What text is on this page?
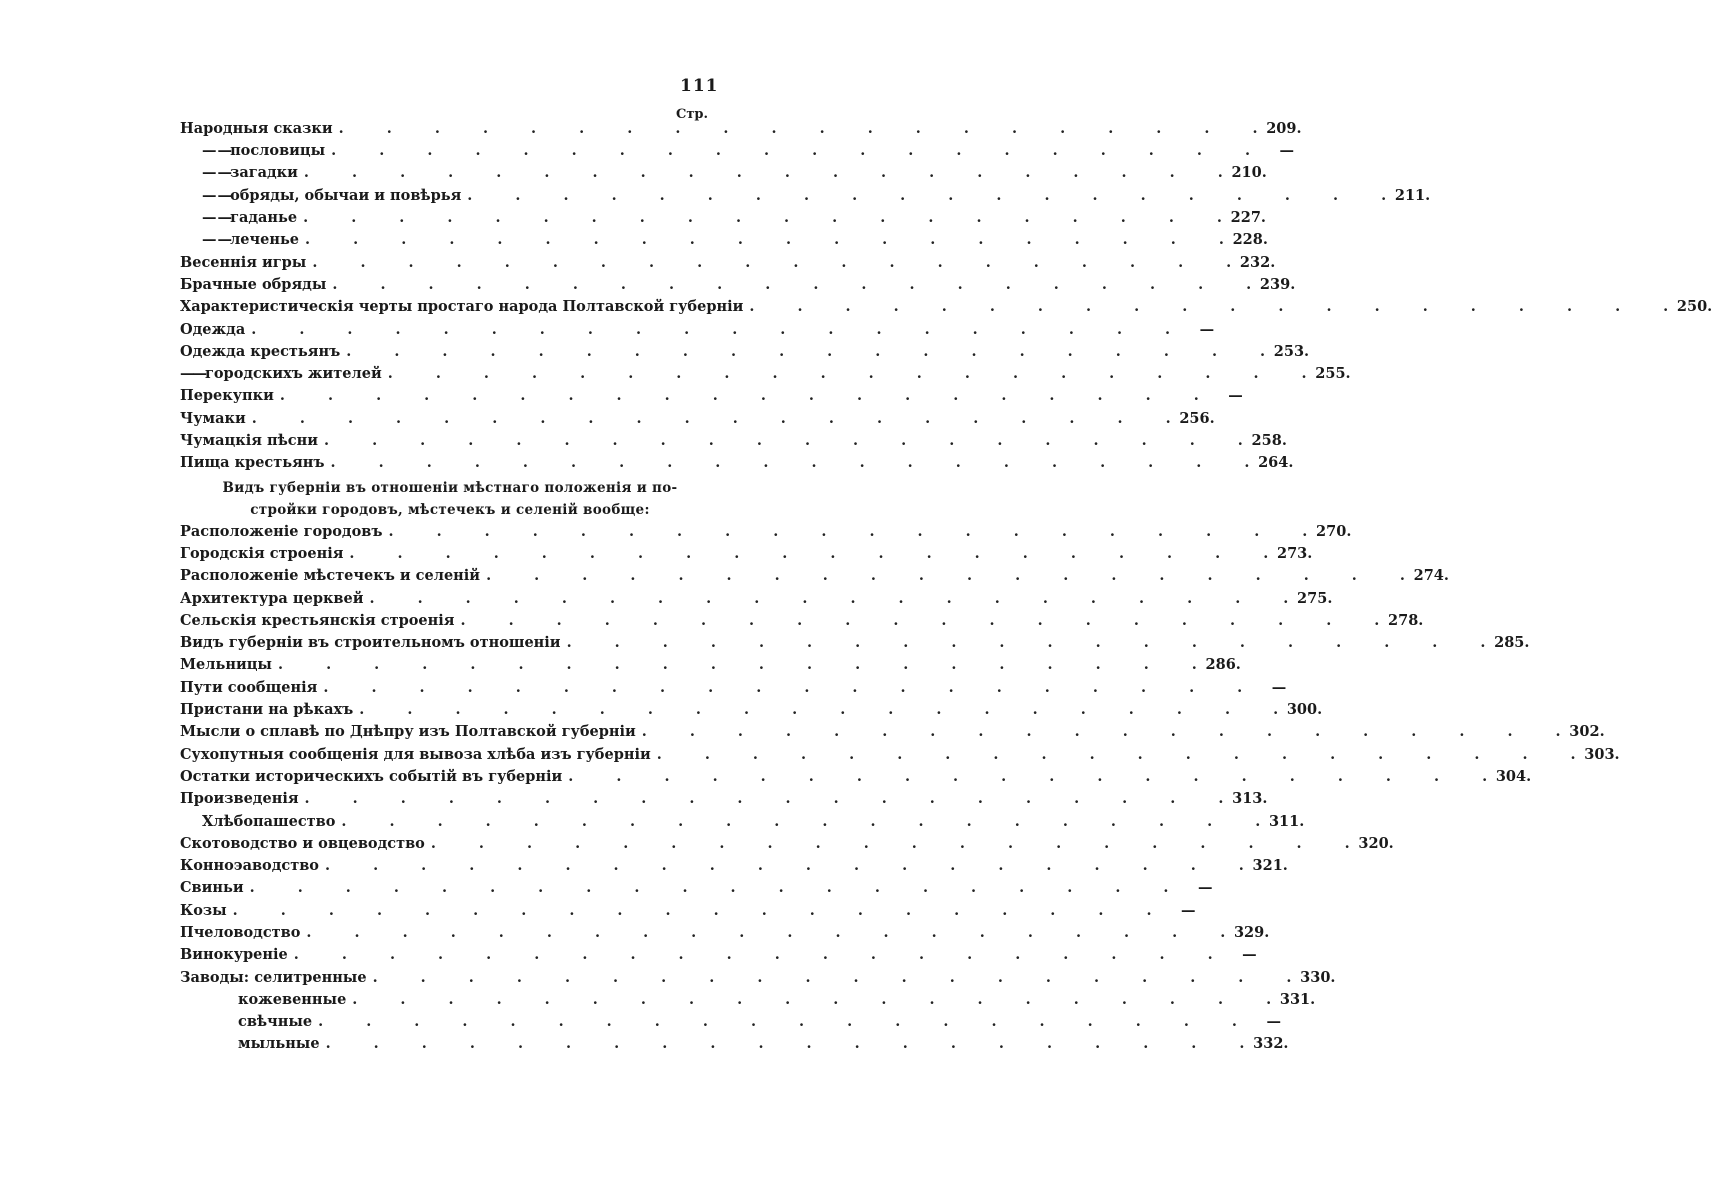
111
Стр.
Народныя сказки . . . . . . . . . . . . . . . . . . . . 209.
— — пословицы . . . . . . . . . . . . . . . . . . . .	—
— — загадки . . . . . . . . . . . . . . . . . . . . 210.
— — обряды, обычаи и повѣрья . . . . . . . . . . . . . . . . . . . . 211.
— — гаданье . . . . . . . . . . . . . . . . . . . . 227.
— — леченье . . . . . . . . . . . . . . . . . . . . 228.
Весеннія игры . . . . . . . . . . . . . . . . . . . . 232.
Брачные обряды . . . . . . . . . . . . . . . . . . . . 239.
Характеристическія черты простаго народа Полтавской губерніи . . . . . . . . . . . . . . . . . . . . 250.
Одежда . . . . . . . . . . . . . . . . . . . .	—
Одежда крестьянъ . . . . . . . . . . . . . . . . . . . . 253.
—— городскихъ жителей . . . . . . . . . . . . . . . . . . . . 255.
Перекупки . . . . . . . . . . . . . . . . . . . .	—
Чумаки . . . . . . . . . . . . . . . . . . . . 256.
Чумацкія пѣсни . . . . . . . . . . . . . . . . . . . . 258.
Пища крестьянъ . . . . . . . . . . . . . . . . . . . . 264.
Видъ губерніи въ отношеніи мѣстнаго положенія и по-
стройки городовъ, мѣстечекъ и селеній вообще:
Расположеніе городовъ . . . . . . . . . . . . . . . . . . . . 270.
Городскія строенія . . . . . . . . . . . . . . . . . . . . 273.
Расположеніе мѣстечекъ и селеній . . . . . . . . . . . . . . . . . . . . 274.
Архитектура церквей . . . . . . . . . . . . . . . . . . . . 275.
Сельскія крестьянскія строенія . . . . . . . . . . . . . . . . . . . . 278.
Видъ губерніи въ строительномъ отношеніи . . . . . . . . . . . . . . . . . . . . 285.
Мельницы . . . . . . . . . . . . . . . . . . . . 286.
Пути сообщенія . . . . . . . . . . . . . . . . . . . .	—
Пристани на рѣкахъ . . . . . . . . . . . . . . . . . . . . 300.
Мысли о сплавѣ по Днѣпру изъ Полтавской губерніи . . . . . . . . . . . . . . . . . . . . 302.
Сухопутныя сообщенія для вывоза хлѣба изъ губерніи . . . . . . . . . . . . . . . . . . . . 303.
Остатки историческихъ событій въ губерніи . . . . . . . . . . . . . . . . . . . . 304.
Произведенія . . . . . . . . . . . . . . . . . . . . 313.
Хлѣбопашество . . . . . . . . . . . . . . . . . . . . 311.
Скотоводство и овцеводство . . . . . . . . . . . . . . . . . . . . 320.
Конноэаводство . . . . . . . . . . . . . . . . . . . . 321.
Свиньи . . . . . . . . . . . . . . . . . . . .	—
Козы . . . . . . . . . . . . . . . . . . . .	—
Пчеловодство . . . . . . . . . . . . . . . . . . . . 329.
Винокуреніе . . . . . . . . . . . . . . . . . . . .	—
Заводы: селитренные . . . . . . . . . . . . . . . . . . . . 330.
кожевенные . . . . . . . . . . . . . . . . . . . . 331.
свѣчные . . . . . . . . . . . . . . . . . . . .	—
мыльные . . . . . . . . . . . . . . . . . . . . 332.
